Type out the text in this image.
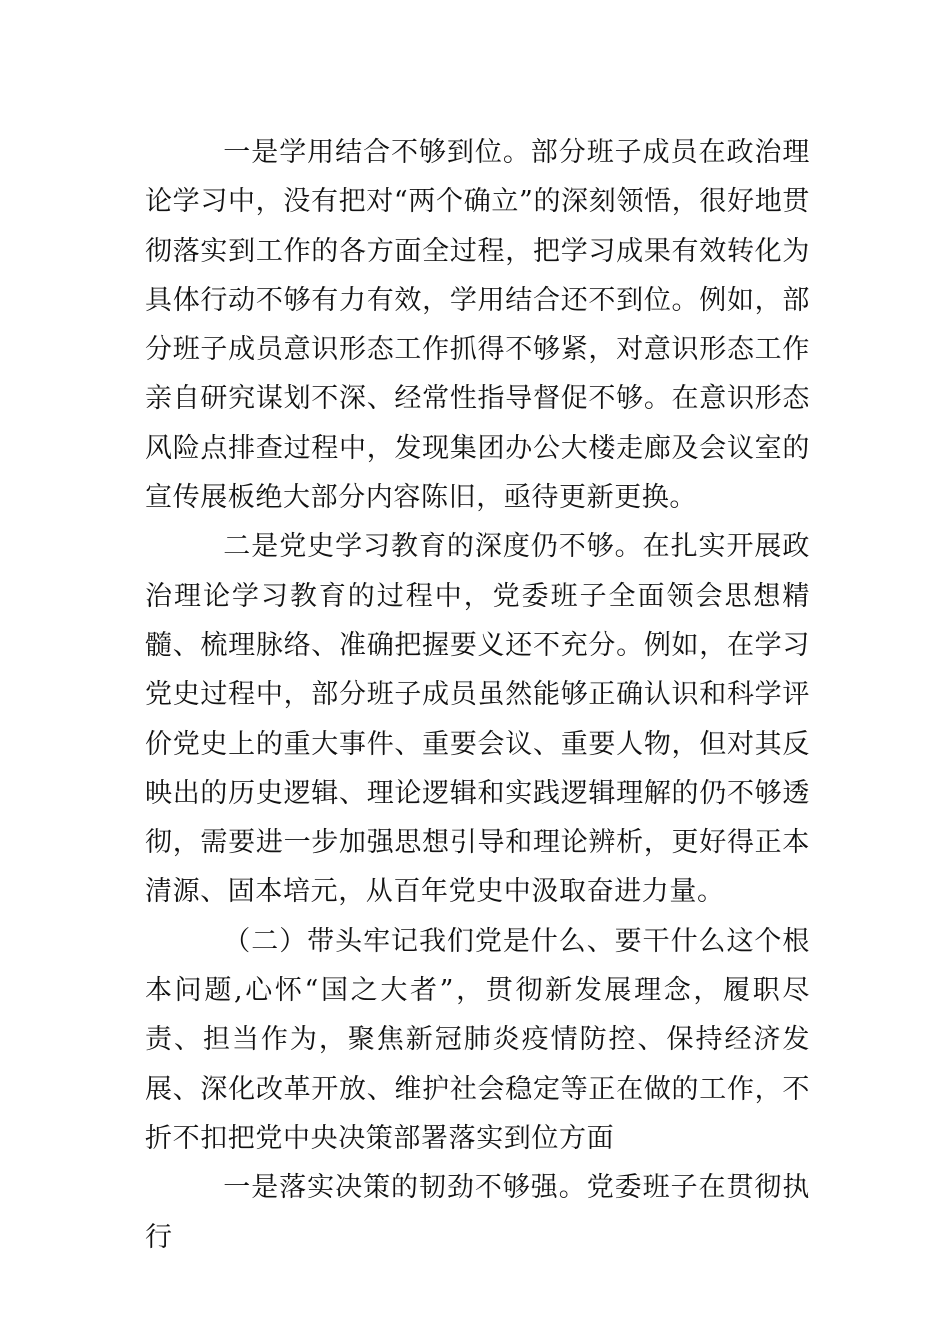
一是学用结合不够到位。部分班子成员在政治理论学习中，没有把对“两个确立”的深刻领悟，很好地贯彻落实到工作的各方面全过程，把学习成果有效转化为具体行动不够有力有效，学用结合还不到位。例如，部分班子成员意识形态工作抓得不够紧，对意识形态工作亲自研究谋划不深、经常性指导督促不够。在意识形态风险点排查过程中，发现集团办公大楼走廊及会议室的宣传展板绝大部分内容陈旧，亟待更新更换。

二是党史学习教育的深度仍不够。在扎实开展政治理论学习教育的过程中，党委班子全面领会思想精髓、梳理脉络、准确把握要义还不充分。例如，在学习党史过程中，部分班子成员虽然能够正确认识和科学评价党史上的重大事件、重要会议、重要人物，但对其反映出的历史逻辑、理论逻辑和实践逻辑理解的仍不够透彻，需要进一步加强思想引导和理论辨析，更好得正本清源、固本培元，从百年党史中汲取奋进力量。

（二）带头牢记我们党是什么、要干什么这个根本问题,心怀“国之大者”，贯彻新发展理念，履职尽责、担当作为，聚焦新冠肺炎疫情防控、保持经济发展、深化改革开放、维护社会稳定等正在做的工作，不折不扣把党中央决策部署落实到位方面

一是落实决策的韧劲不够强。党委班子在贯彻执行
